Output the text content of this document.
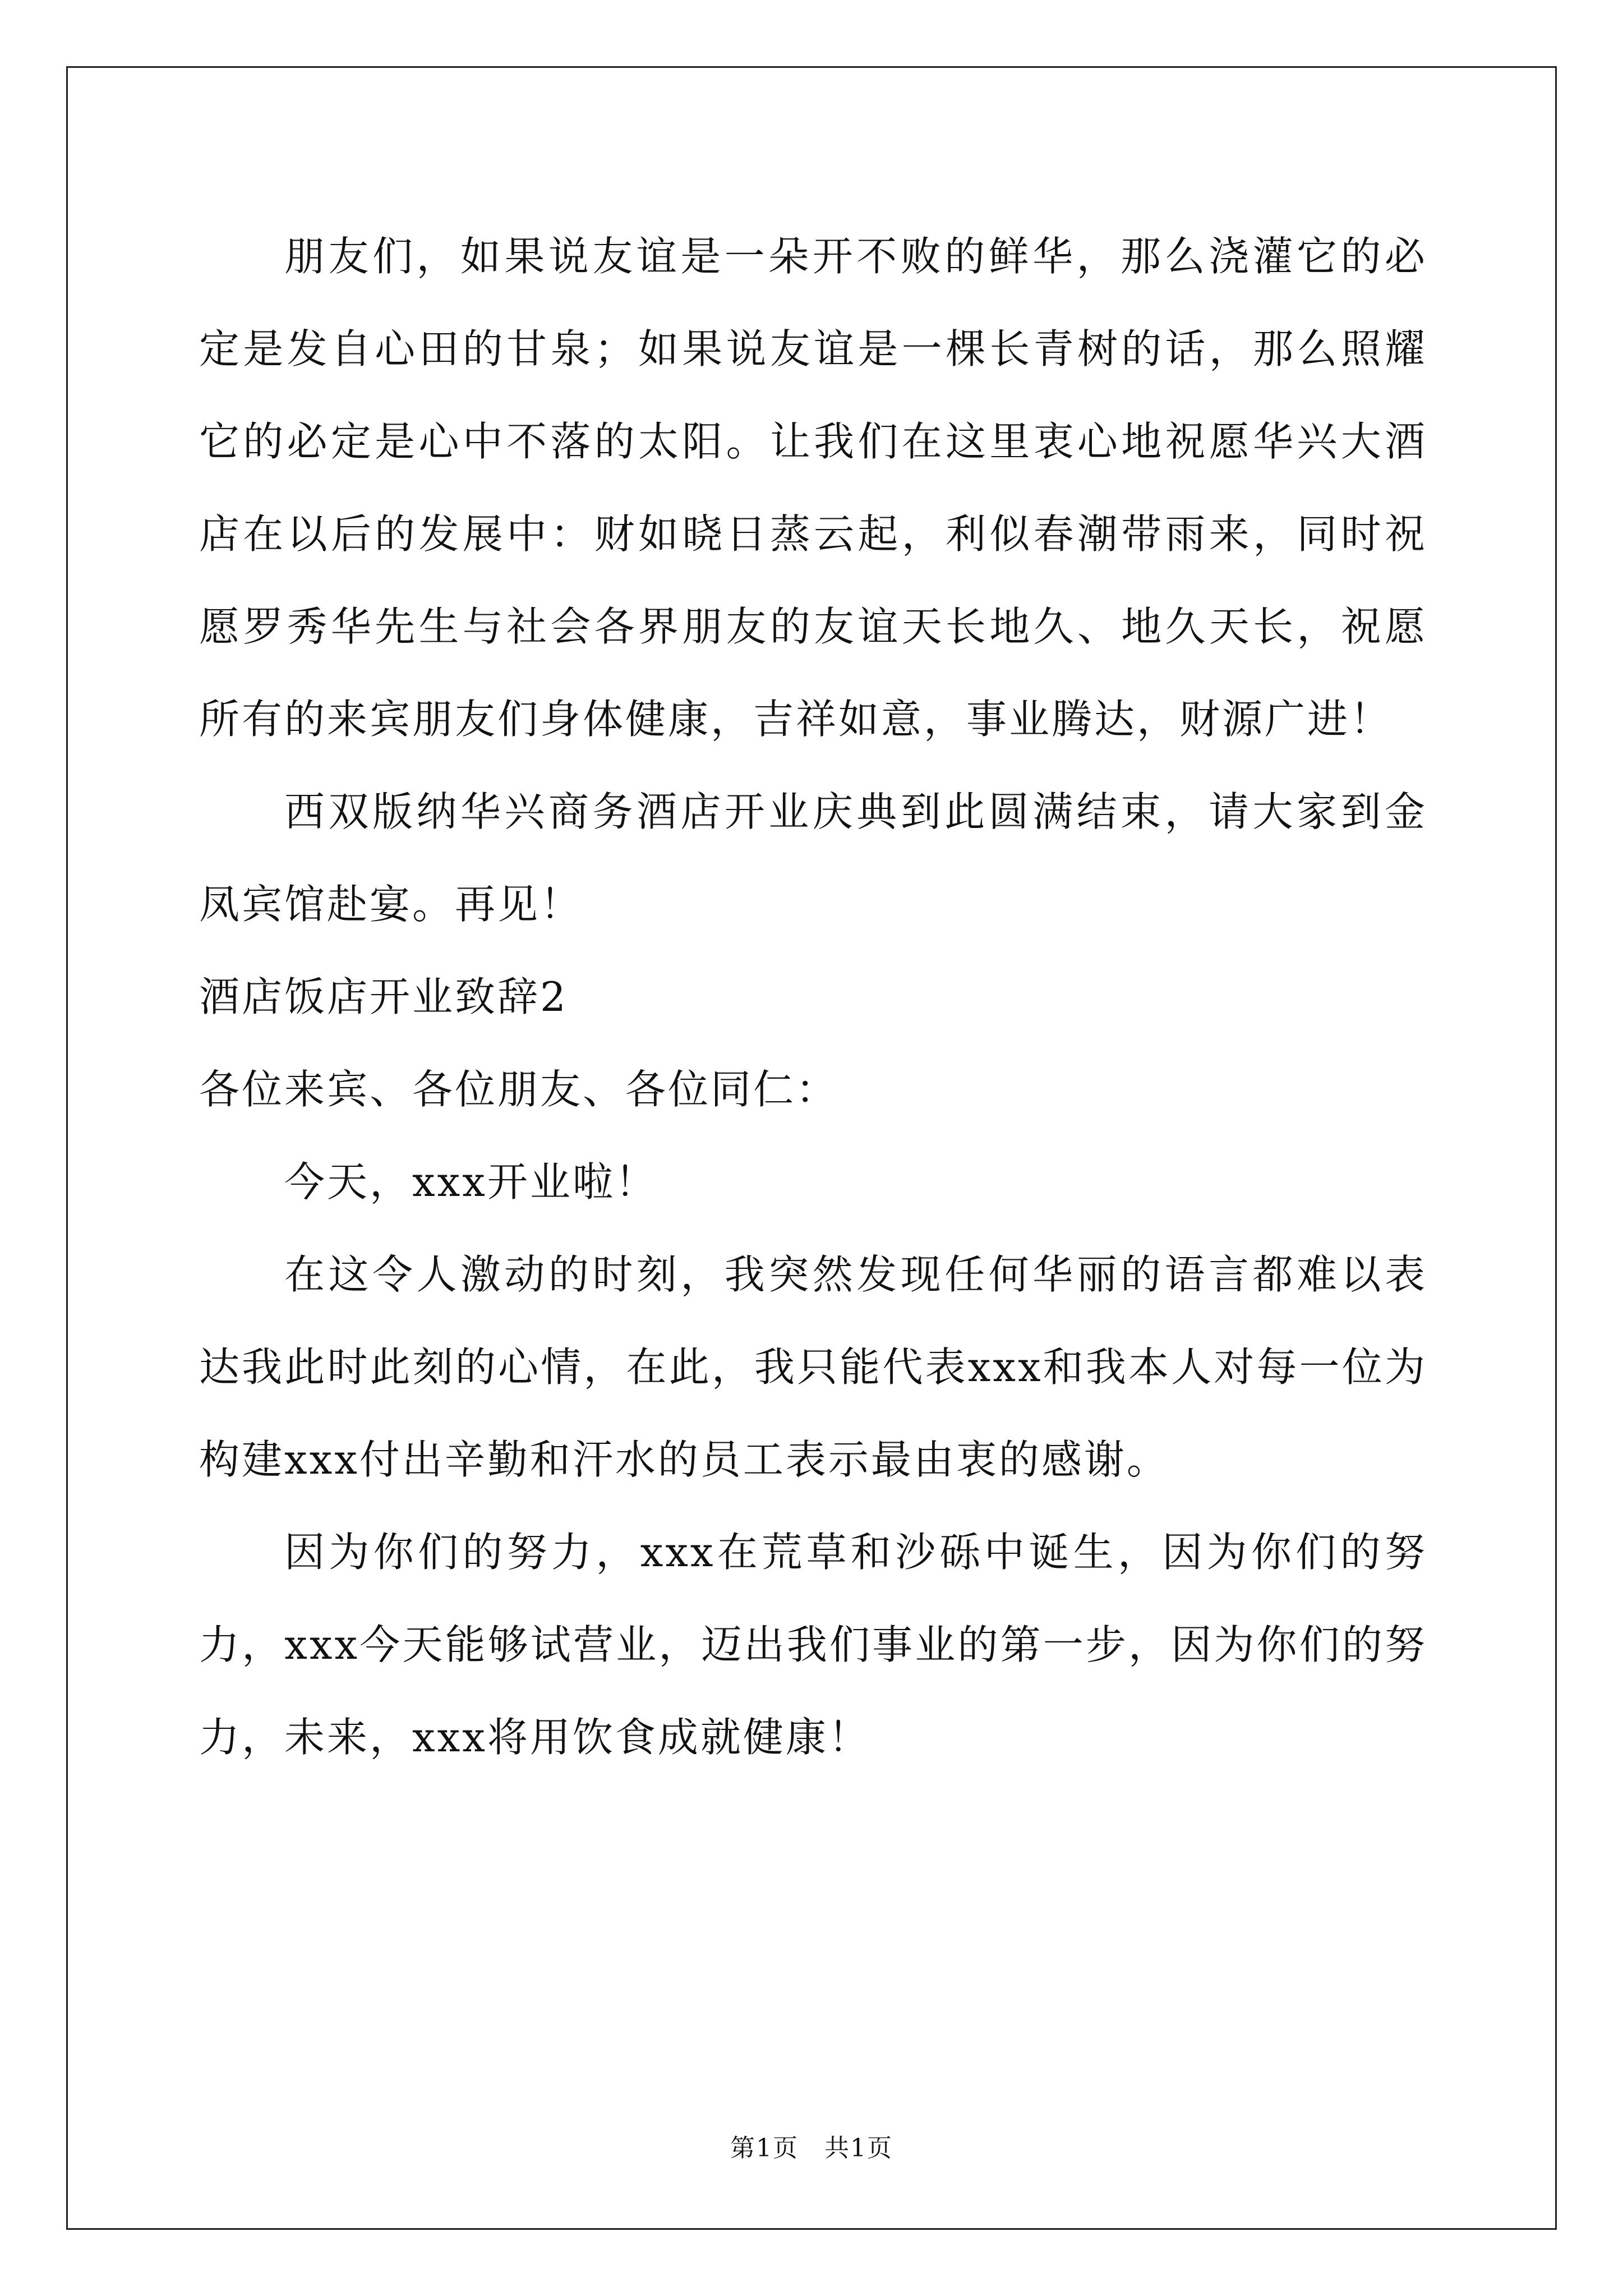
朋友们，如果说友谊是一朵开不败的鲜华，那么浇灌它的必定是发自心田的甘泉；如果说友谊是一棵长青树的话，那么照耀它的必定是心中不落的太阳。让我们在这里衷心地祝愿华兴大酒店在以后的发展中：财如晓日蒸云起，利似春潮带雨来，同时祝愿罗秀华先生与社会各界朋友的友谊天长地久、地久天长，祝愿所有的来宾朋友们身体健康，吉祥如意，事业腾达，财源广进！

西双版纳华兴商务酒店开业庆典到此圆满结束，请大家到金凤宾馆赴宴。再见！

酒店饭店开业致辞2

各位来宾、各位朋友、各位同仁：

今天，xxx开业啦！

在这令人激动的时刻，我突然发现任何华丽的语言都难以表达我此时此刻的心情，在此，我只能代表xxx和我本人对每一位为构建xxx付出辛勤和汗水的员工表示最由衷的感谢。

因为你们的努力，xxx在荒草和沙砾中诞生，因为你们的努力，xxx今天能够试营业，迈出我们事业的第一步，因为你们的努力，未来，xxx将用饮食成就健康！

第1页　共1页
